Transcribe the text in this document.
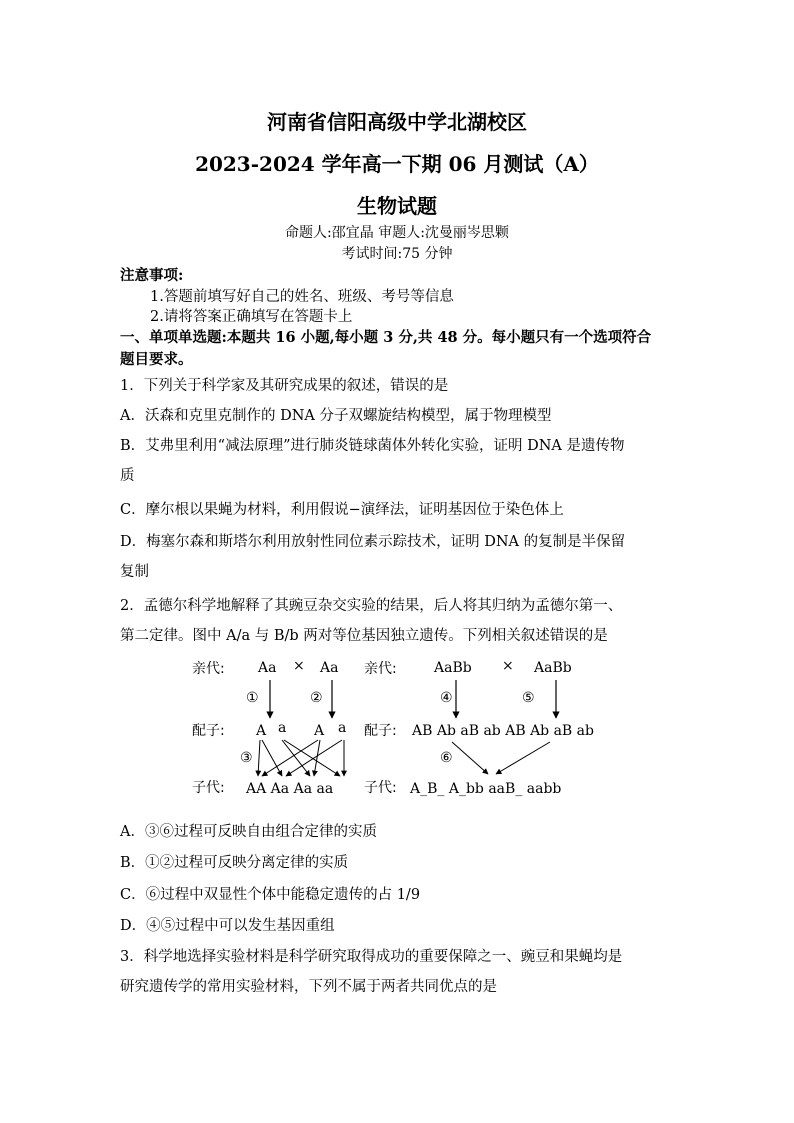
河南省信阳高级中学北湖校区
2023-2024 学年高一下期 06 月测试（A）
生物试题
命题人:邵宜晶 审题人:沈曼丽岑思颗
考试时间:75 分钟
注意事项:
1.答题前填写好自己的姓名、班级、考号等信息
2.请将答案正确填写在答题卡上
一、单项单选题:本题共 16 小题,每小题 3 分,共 48 分。每小题只有一个选项符合
题目要求。
1．下列关于科学家及其研究成果的叙述，错误的是
A．沃森和克里克制作的 DNA 分子双螺旋结构模型，属于物理模型
B．艾弗里利用“减法原理”进行肺炎链球菌体外转化实验，证明 DNA 是遗传物
质
C．摩尔根以果蝇为材料，利用假说−演绎法，证明基因位于染色体上
D．梅塞尔森和斯塔尔利用放射性同位素示踪技术，证明 DNA 的复制是半保留
复制
2．孟德尔科学地解释了其豌豆杂交实验的结果，后人将其归纳为孟德尔第一、
第二定律。图中 A/a 与 B/b 两对等位基因独立遗传。下列相关叙述错误的是
亲代:
配子:
子代:
Aa × Aa
①	②
A a A a
③
AA Aa Aa aa
亲代:
配子:
子代:
AaBb × AaBb
④	⑤
AB Ab aB ab AB Ab aB ab
⑥
A_B_ A_bb aaB_ aabb
A．③⑥过程可反映自由组合定律的实质
B．①②过程可反映分离定律的实质
C．⑥过程中双显性个体中能稳定遗传的占 1/9
D．④⑤过程中可以发生基因重组
3．科学地选择实验材料是科学研究取得成功的重要保障之一、豌豆和果蝇均是
研究遗传学的常用实验材料，下列不属于两者共同优点的是
